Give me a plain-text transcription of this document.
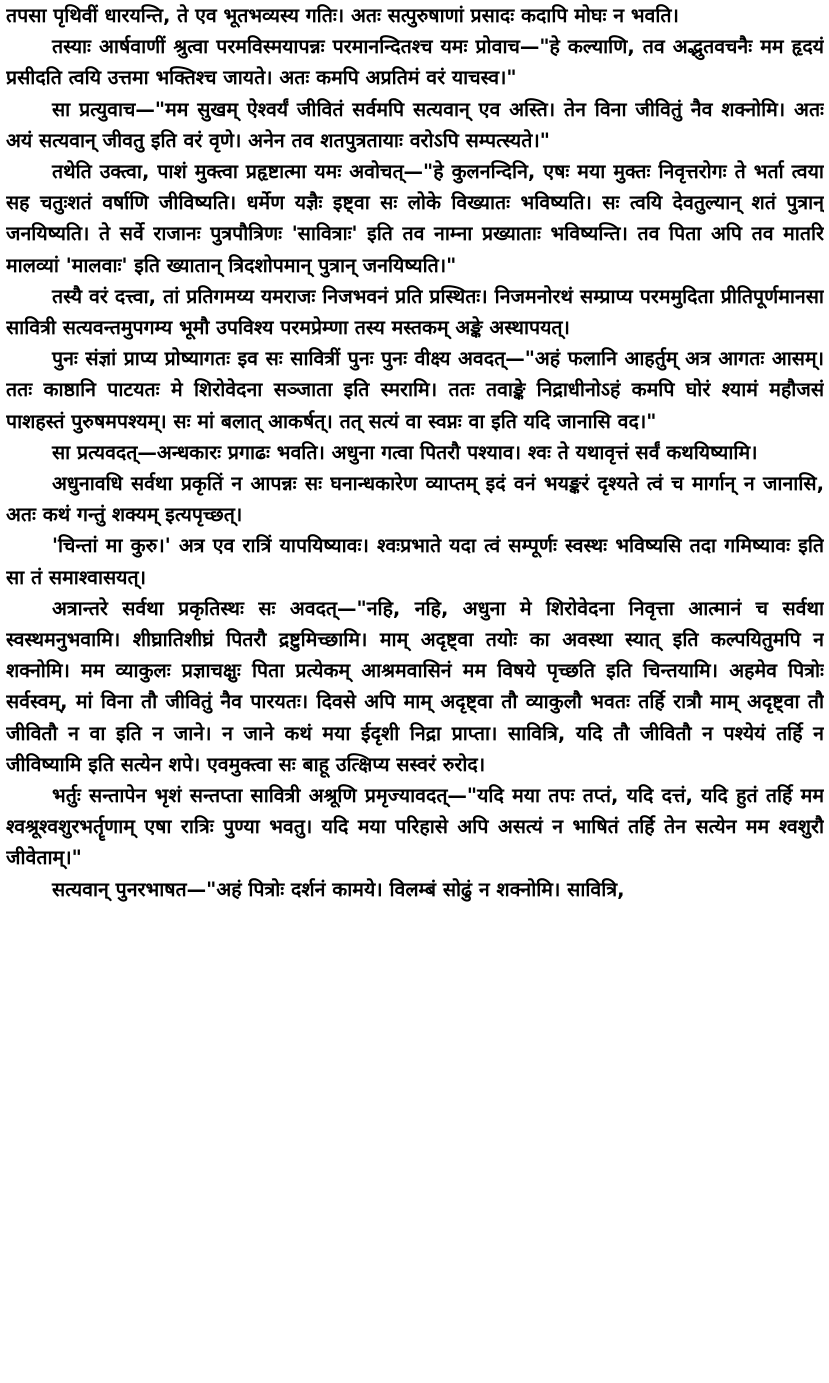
तपसा पृथिवीं धारयन्ति, ते एव भूतभव्यस्य गतिः। अतः सत्पुरुषाणां प्रसादः कदापि मोघः न भवति।

तस्याः आर्षवाणीं श्रुत्वा परमविस्मयापन्नः परमानन्दितश्च यमः प्रोवाच—"हे कल्याणि, तव अद्भुतवचनैः मम हृदयं प्रसीदति त्वयि उत्तमा भक्तिश्च जायते। अतः कमपि अप्रतिमं वरं याचस्व।"

सा प्रत्युवाच—"मम सुखम् ऐश्वर्यं जीवितं सर्वमपि सत्यवान् एव अस्ति। तेन विना जीवितुं नैव शक्नोमि। अतः अयं सत्यवान् जीवतु इति वरं वृणे। अनेन तव शतपुत्रतायाः वरोऽपि सम्पत्स्यते।"

तथेति उक्त्वा, पाशं मुक्त्वा प्रहृष्टात्मा यमः अवोचत्—"हे कुलनन्दिनि, एषः मया मुक्तः निवृत्तरोगः ते भर्ता त्वया सह चतुःशतं वर्षाणि जीविष्यति। धर्मेण यज्ञैः इष्ट्वा सः लोके विख्यातः भविष्यति। सः त्वयि देवतुल्यान् शतं पुत्रान् जनयिष्यति। ते सर्वे राजानः पुत्रपौत्रिणः 'सावित्राः' इति तव नाम्ना प्रख्याताः भविष्यन्ति। तव पिता अपि तव मातरि मालव्यां 'मालवाः' इति ख्यातान् त्रिदशोपमान् पुत्रान् जनयिष्यति।"

तस्यै वरं दत्त्वा, तां प्रतिगमय्य यमराजः निजभवनं प्रति प्रस्थितः। निजमनोरथं सम्प्राप्य परममुदिता प्रीतिपूर्णमानसा सावित्री सत्यवन्तमुपगम्य भूमौ उपविश्य परमप्रेम्णा तस्य मस्तकम् अङ्के अस्थापयत्।

पुनः संज्ञां प्राप्य प्रोष्यागतः इव सः सावित्रीं पुनः पुनः वीक्ष्य अवदत्—"अहं फलानि आहर्तुम् अत्र आगतः आसम्। ततः काष्ठानि पाटयतः मे शिरोवेदना सञ्जाता इति स्मरामि। ततः तवाङ्के निद्राधीनोऽहं कमपि घोरं श्यामं महौजसं पाशहस्तं पुरुषमपश्यम्। सः मां बलात् आकर्षत्। तत् सत्यं वा स्वप्नः वा इति यदि जानासि वद।"

सा प्रत्यवदत्—अन्धकारः प्रगाढः भवति। अधुना गत्वा पितरौ पश्याव। श्वः ते यथावृत्तं सर्वं कथयिष्यामि।

अधुनावधि सर्वथा प्रकृतिं न आपन्नः सः घनान्धकारेण व्याप्तम् इदं वनं भयङ्करं दृश्यते त्वं च मार्गान् न जानासि, अतः कथं गन्तुं शक्यम् इत्यपृच्छत्।

'चिन्तां मा कुरु।' अत्र एव रात्रिं यापयिष्यावः। श्वःप्रभाते यदा त्वं सम्पूर्णः स्वस्थः भविष्यसि तदा गमिष्यावः इति सा तं समाश्वासयत्।

अत्रान्तरे सर्वथा प्रकृतिस्थः सः अवदत्—"नहि, नहि, अधुना मे शिरोवेदना निवृत्ता आत्मानं च सर्वथा स्वस्थमनुभवामि। शीघ्रातिशीघ्रं पितरौ द्रष्टुमिच्छामि। माम् अदृष्ट्वा तयोः का अवस्था स्यात् इति कल्पयितुमपि न शक्नोमि। मम व्याकुलः प्रज्ञाचक्षुः पिता प्रत्येकम् आश्रमवासिनं मम विषये पृच्छति इति चिन्तयामि। अहमेव पित्रोः सर्वस्वम्, मां विना तौ जीवितुं नैव पारयतः। दिवसे अपि माम् अदृष्ट्वा तौ व्याकुलौ भवतः तर्हि रात्रौ माम् अदृष्ट्वा तौ जीवितौ न वा इति न जाने। न जाने कथं मया ईदृशी निद्रा प्राप्ता। सावित्रि, यदि तौ जीवितौ न पश्येयं तर्हि न जीविष्यामि इति सत्येन शपे। एवमुक्त्वा सः बाहू उत्क्षिप्य सस्वरं रुरोद।

भर्तुः सन्तापेन भृशं सन्तप्ता सावित्री अश्रूणि प्रमृज्यावदत्—"यदि मया तपः तप्तं, यदि दत्तं, यदि हुतं तर्हि मम श्वश्रूश्वशुरभर्तॄणाम् एषा रात्रिः पुण्या भवतु। यदि मया परिहासे अपि असत्यं न भाषितं तर्हि तेन सत्येन मम श्वशुरौ जीवेताम्।"

सत्यवान् पुनरभाषत—"अहं पित्रोः दर्शनं कामये। विलम्बं सोढुं न शक्नोमि। सावित्रि,
